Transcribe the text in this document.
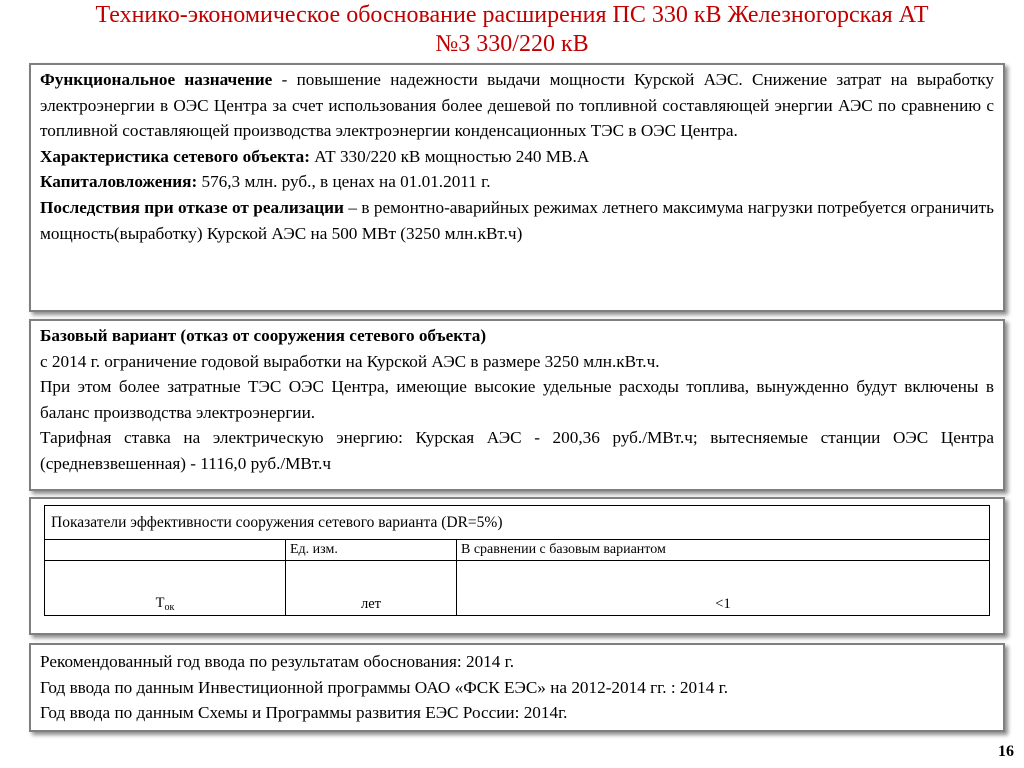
Технико-экономическое обоснование расширения ПС 330 кВ Железногорская АТ
№3 330/220 кВ

Функциональное назначение - повышение надежности выдачи мощности Курской АЭС. Снижение затрат на выработку электроэнергии в ОЭС Центра за счет использования более дешевой по топливной составляющей энергии АЭС по сравнению с топливной составляющей производства электроэнергии конденсационных ТЭС в ОЭС Центра.

Характеристика сетевого объекта: АТ 330/220 кВ мощностью 240 МВ.А

Капиталовложения: 576,3 млн. руб., в ценах на 01.01.2011 г.

Последствия при отказе от реализации – в ремонтно-аварийных режимах летнего максимума нагрузки потребуется ограничить мощность(выработку) Курской АЭС на 500 МВт (3250 млн.кВт.ч)

Базовый вариант (отказ от сооружения сетевого объекта)

с 2014 г. ограничение годовой выработки на Курской АЭС в размере 3250 млн.кВт.ч.

При этом более затратные ТЭС ОЭС Центра, имеющие высокие удельные расходы топлива, вынужденно будут включены в баланс производства электроэнергии.

Тарифная ставка на электрическую энергию: Курская АЭС - 200,36 руб./МВт.ч; вытесняемые станции ОЭС Центра (средневзвешенная) - 1116,0 руб./МВт.ч

Показатели эффективности сооружения сетевого варианта (DR=5%)		
	Ед. изм.	В сравнении с базовым вариантом
$Т_{ок}$	лет	<1

Рекомендованный год ввода по результатам обоснования: 2014 г.

Год ввода по данным Инвестиционной программы ОАО «ФСК ЕЭС» на 2012-2014 гг. : 2014 г.

Год ввода по данным Схемы и Программы развития ЕЭС России: 2014г.

16
